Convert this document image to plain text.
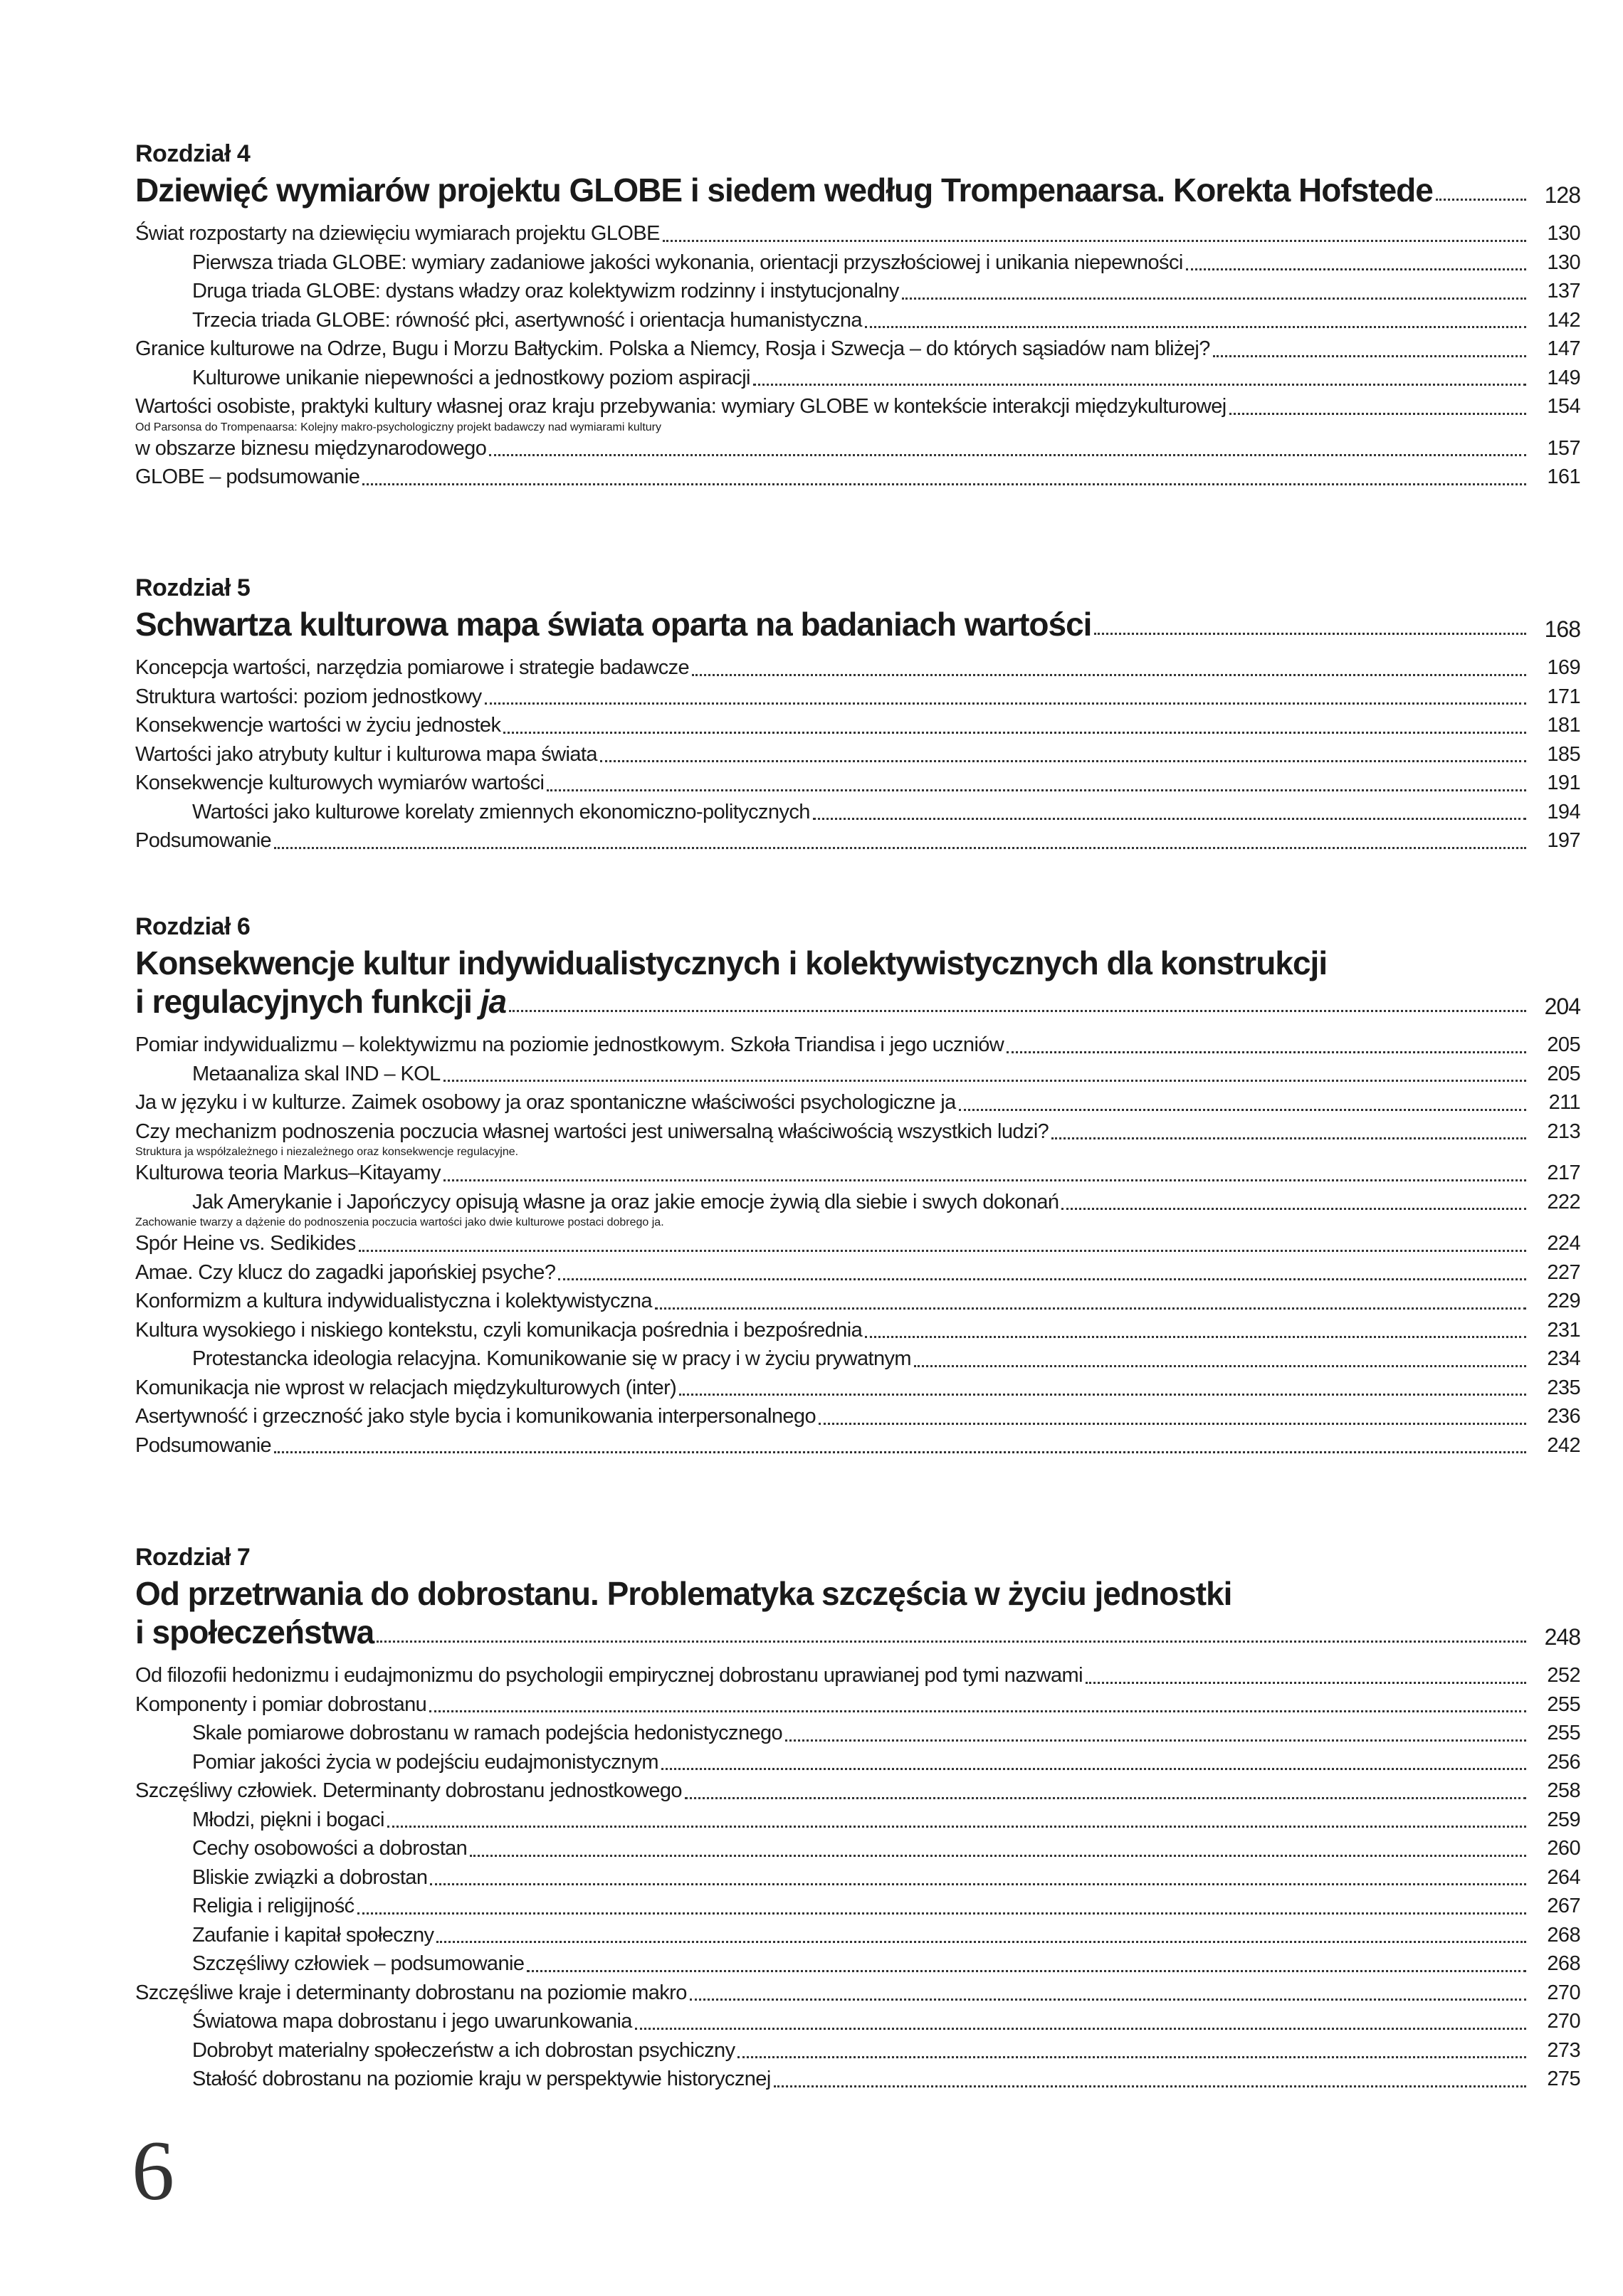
Rozdział 4
Dziewięć wymiarów projektu GLOBE i siedem według Trompenaarsa. Korekta Hofstede	128
Świat rozpostarty na dziewięciu wymiarach projektu GLOBE	130
Pierwsza triada GLOBE: wymiary zadaniowe jakości wykonania, orientacji przyszłościowej i unikania niepewności	130
Druga triada GLOBE: dystans władzy oraz kolektywizm rodzinny i instytucjonalny	137
Trzecia triada GLOBE: równość płci, asertywność i orientacja humanistyczna	142
Granice kulturowe na Odrze, Bugu i Morzu Bałtyckim. Polska a Niemcy, Rosja i Szwecja – do których sąsiadów nam bliżej?	147
Kulturowe unikanie niepewności a jednostkowy poziom aspiracji	149
Wartości osobiste, praktyki kultury własnej oraz kraju przebywania: wymiary GLOBE w kontekście interakcji międzykulturowej	154
Od Parsonsa do Trompenaarsa: Kolejny makro-psychologiczny projekt badawczy nad wymiarami kultury
w obszarze biznesu międzynarodowego	157
GLOBE – podsumowanie	161
Rozdział 5
Schwartza kulturowa mapa świata oparta na badaniach wartości	168
Koncepcja wartości, narzędzia pomiarowe i strategie badawcze	169
Struktura wartości: poziom jednostkowy	171
Konsekwencje wartości w życiu jednostek	181
Wartości jako atrybuty kultur i kulturowa mapa świata	185
Konsekwencje kulturowych wymiarów wartości	191
Wartości jako kulturowe korelaty zmiennych ekonomiczno-politycznych	194
Podsumowanie	197
Rozdział 6
Konsekwencje kultur indywidualistycznych i kolektywistycznych dla konstrukcji
i regulacyjnych funkcji ja	204
Pomiar indywidualizmu – kolektywizmu na poziomie jednostkowym. Szkoła Triandisa i jego uczniów	205
Metaanaliza skal IND – KOL	205
Ja w języku i w kulturze. Zaimek osobowy ja oraz spontaniczne właściwości psychologiczne ja	211
Czy mechanizm podnoszenia poczucia własnej wartości jest uniwersalną właściwością wszystkich ludzi?	213
Struktura ja współzależnego i niezależnego oraz konsekwencje regulacyjne.
Kulturowa teoria Markus–Kitayamy	217
Jak Amerykanie i Japończycy opisują własne ja oraz jakie emocje żywią dla siebie i swych dokonań	222
Zachowanie twarzy a dążenie do podnoszenia poczucia wartości jako dwie kulturowe postaci dobrego ja.
Spór Heine vs. Sedikides	224
Amae. Czy klucz do zagadki japońskiej psyche?	227
Konformizm a kultura indywidualistyczna i kolektywistyczna	229
Kultura wysokiego i niskiego kontekstu, czyli komunikacja pośrednia i bezpośrednia	231
Protestancka ideologia relacyjna. Komunikowanie się w pracy i w życiu prywatnym	234
Komunikacja nie wprost w relacjach międzykulturowych (inter)	235
Asertywność i grzeczność jako style bycia i komunikowania interpersonalnego	236
Podsumowanie	242
Rozdział 7
Od przetrwania do dobrostanu. Problematyka szczęścia w życiu jednostki
i społeczeństwa	248
Od filozofii hedonizmu i eudajmonizmu do psychologii empirycznej dobrostanu uprawianej pod tymi nazwami	252
Komponenty i pomiar dobrostanu	255
Skale pomiarowe dobrostanu w ramach podejścia hedonistycznego	255
Pomiar jakości życia w podejściu eudajmonistycznym	256
Szczęśliwy człowiek. Determinanty dobrostanu jednostkowego	258
Młodzi, piękni i bogaci	259
Cechy osobowości a dobrostan	260
Bliskie związki a dobrostan	264
Religia i religijność	267
Zaufanie i kapitał społeczny	268
Szczęśliwy człowiek – podsumowanie	268
Szczęśliwe kraje i determinanty dobrostanu na poziomie makro	270
Światowa mapa dobrostanu i jego uwarunkowania	270
Dobrobyt materialny społeczeństw a ich dobrostan psychiczny	273
Stałość dobrostanu na poziomie kraju w perspektywie historycznej	275
6
